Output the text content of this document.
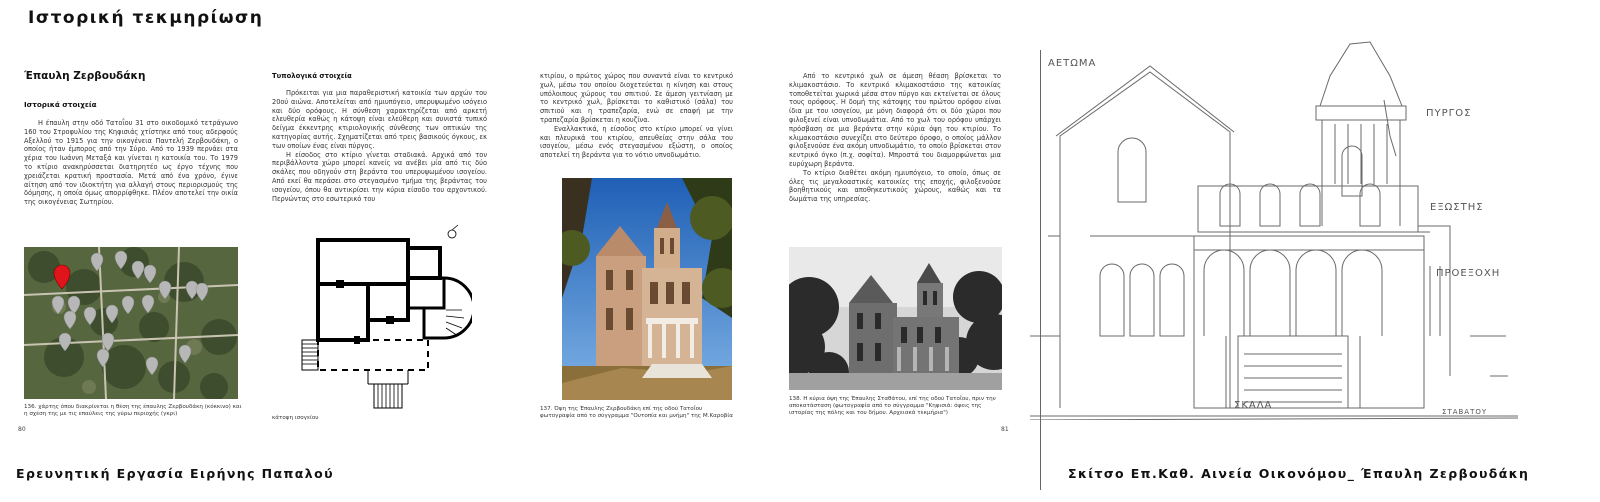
Ιστορική τεκμηρίωση
Έπαυλη Ζερβουδάκη
Ιστορικά στοιχεία
Η έπαυλη στην οδό Τατοΐου 31 στο οικοδομικό τετράγωνο 160 του Στροφυλίου της Κηφισιάς χτίστηκε από τους αδερφούς Αξελλού το 1915 για την οικογένεια Παντελή Ζερβουδάκη, ο οποίος ήταν έμπορος από την Σύρο. Από το 1939 περνάει στα χέρια του Ιωάννη Μεταξά και γίνεται η κατοικία του. Το 1979 το κτίριο ανακηρύσσεται διατηρητέο ως έργο τέχνης που χρειάζεται κρατική προστασία. Μετά από ένα χρόνο, έγινε αίτηση από τον ιδιοκτήτη για αλλαγή στους περιορισμούς της δόμησης, η οποία όμως απορρίφθηκε. Πλέον αποτελεί την οικία της οικογένειας Σωτηρίου.
136. χάρτης όπου διακρίνεται η θέση της έπαυλης Ζερβουδάκη (κόκκινο) και η σχέση της με τις επαύλεις της γύρω περιοχής (γκρι)
80
Τυπολογικά στοιχεία
Πρόκειται για μια παραθεριστική κατοικία των αρχών του 20ού αιώνα. Αποτελείται από ημιυπόγειο, υπερυψωμένο ισόγειο και δύο ορόφους. Η σύνθεση χαρακτηρίζεται από αρκετή ελευθερία καθώς η κάτοψη είναι ελεύθερη και συνιστά τυπικό δείγμα έκκεντρης κτιριολογικής σύνθεσης των οπτικών της κατηγορίας αυτής. Σχηματίζεται από τρεις βασικούς όγκους, εκ των οποίων ένας είναι πύργος.
Η είσοδος στο κτίριο γίνεται σταδιακά. Αρχικά από τον περιβάλλοντα χώρο μπορεί κανείς να ανέβει μία από τις δύο σκάλες που οδηγούν στη βεράντα του υπερυψωμένου ισογείου. Από εκεί θα περάσει στο στεγασμένο τμήμα της βεράντας του ισογείου, όπου θα αντικρίσει την κύρια είσοδο του αρχοντικού. Περνώντας στο εσωτερικό του
κάτοψη ισογείου
κτιρίου, ο πρώτος χώρος που συναντά είναι το κεντρικό χωλ, μέσω του οποίου διοχετεύεται η κίνηση και στους υπόλοιπους χώρους του σπιτιού. Σε άμεση γειτνίαση με το κεντρικό χωλ, βρίσκεται το καθιστικό (σάλα) του σπιτιού και η τραπεζαρία, ενώ σε επαφή με την τραπεζαρία βρίσκεται η κουζίνα.
Εναλλακτικά, η είσοδος στο κτίριο μπορεί να γίνει και πλευρικά του κτιρίου, απευθείας στην σάλα του ισογείου, μέσω ενός στεγασμένου εξώστη, ο οποίος αποτελεί τη βεράντα για το νότιο υπνοδωμάτιο.
137. Όψη της Έπαυλης Ζερβουδάκη επί της οδού Τατοΐου φωτογραφία από το σύγγραμμα "Ουτοπία και μνήμη" της Μ.Καροβία
Από το κεντρικό χωλ σε άμεση θέαση βρίσκεται το κλιμακοστάσιο. Το κεντρικό κλιμακοστάσιο της κατοικίας τοποθετείται χωρικά μέσα στον πύργο και εκτείνεται σε όλους τους ορόφους. Η δομή της κάτοψης του πρώτου ορόφου είναι ίδια με του ισογείου, με μόνη διαφορά ότι οι δύο χώροι που φιλοξενεί είναι υπνοδωμάτια. Από το χωλ του ορόφου υπάρχει πρόσβαση σε μια βεράντα στην κύρια όψη του κτιρίου. Το κλιμακοστάσιο συνεχίζει στο δεύτερο όροφο, ο οποίος μάλλον φιλοξενούσε ένα ακόμη υπνοδωμάτιο, το οποίο βρίσκεται στον κεντρικό όγκο (π.χ. σοφίτα). Μπροστά του διαμορφώνεται μια ευρύχωρη βεράντα.
Το κτίριο διαθέτει ακόμη ημιυπόγειο, το οποίο, όπως σε όλες τις μεγαλοαστικές κατοικίες της εποχής, φιλοξενούσε βοηθητικούς και αποθηκευτικούς χώρους, καθώς και τα δωμάτια της υπηρεσίας.
138. Η κύρια όψη της Έπαυλης Σταθάτου, επί της οδού Τατοΐου, πριν την αποκατάσταση (φωτογραφία από το σύγγραμμα "Κηφισιά: όψεις της ιστορίας της πόλης και του δήμου. Αρχειακά τεκμήρια")
81
ΑΕΤΩΜΑ
ΠΥΡΓΟΣ
ΕΞΩΣΤΗΣ
ΠΡΟΕΞΟΧΗ
ΣΚΑΛΑ
ΣΤΑΒΑΤΟΥ
Ερευνητική Εργασία Ειρήνης Παπαλού	Σκίτσο Επ.Καθ. Αινεία Οικονόμου_ Έπαυλη Ζερβουδάκη
